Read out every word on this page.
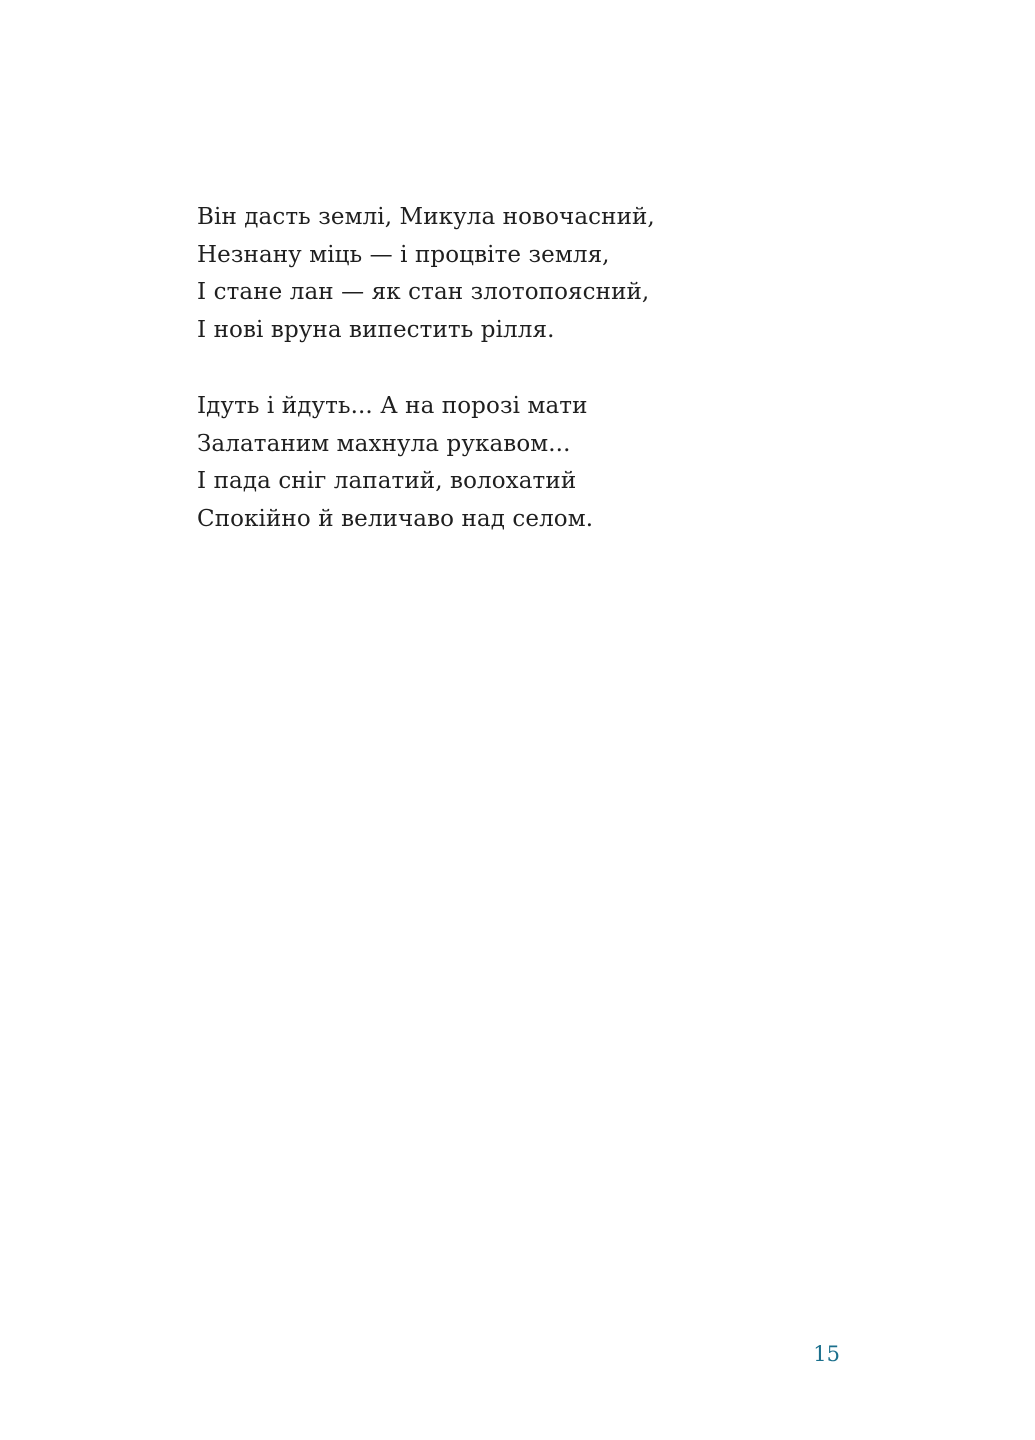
Він дасть землі, Микула новочасний,
Незнану міць — і процвіте земля,
І стане лан — як стан злотопоясний,
І нові вруна випестить рілля.
Ідуть і йдуть... А на порозі мати
Залатаним махнула рукавом...
І пада сніг лапатий, волохатий
Спокійно й величаво над селом.
15
